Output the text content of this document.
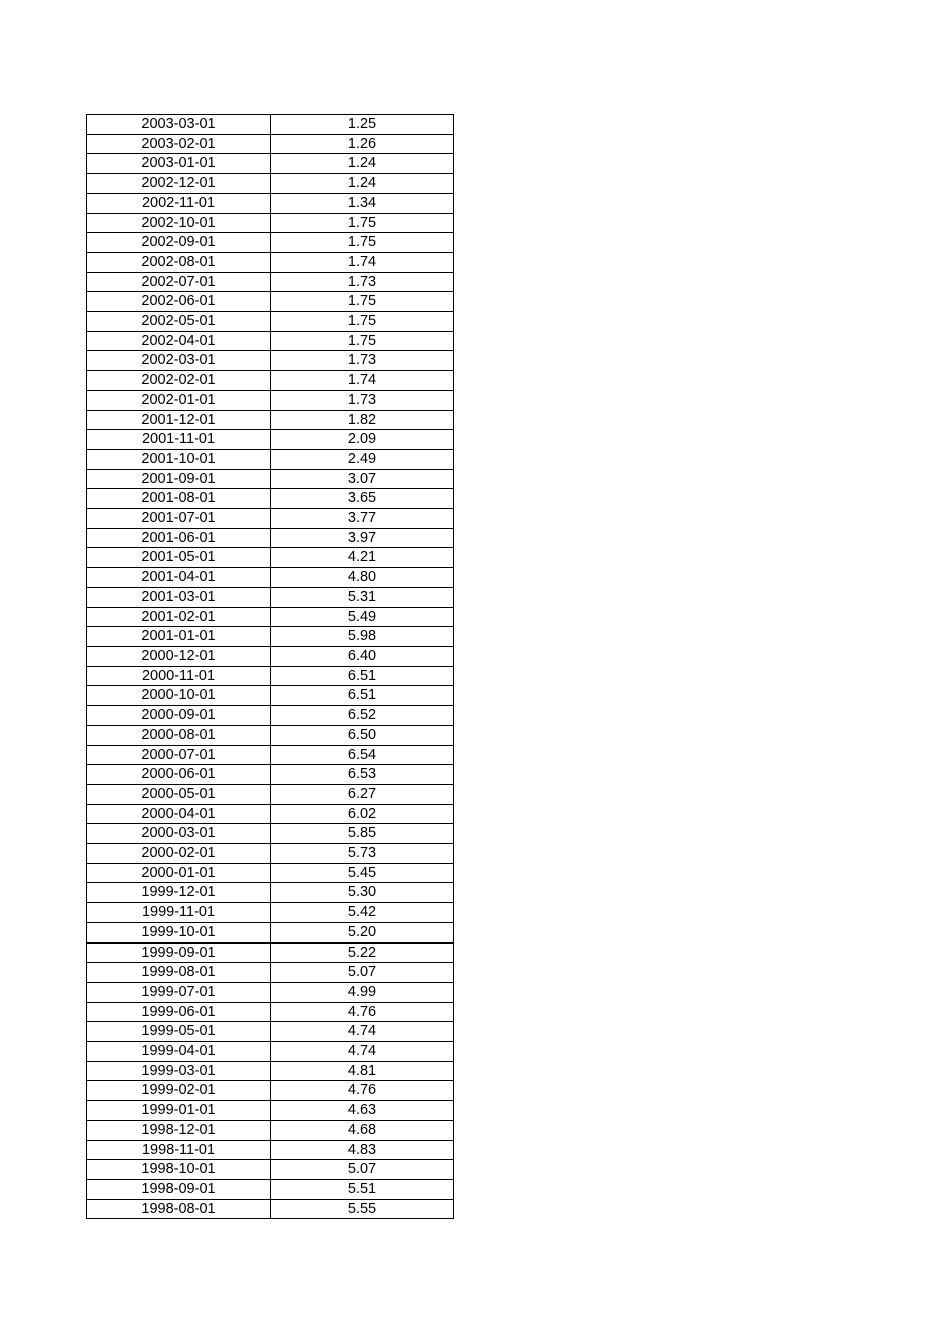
2003-03-01	1.25
2003-02-01	1.26
2003-01-01	1.24
2002-12-01	1.24
2002-11-01	1.34
2002-10-01	1.75
2002-09-01	1.75
2002-08-01	1.74
2002-07-01	1.73
2002-06-01	1.75
2002-05-01	1.75
2002-04-01	1.75
2002-03-01	1.73
2002-02-01	1.74
2002-01-01	1.73
2001-12-01	1.82
2001-11-01	2.09
2001-10-01	2.49
2001-09-01	3.07
2001-08-01	3.65
2001-07-01	3.77
2001-06-01	3.97
2001-05-01	4.21
2001-04-01	4.80
2001-03-01	5.31
2001-02-01	5.49
2001-01-01	5.98
2000-12-01	6.40
2000-11-01	6.51
2000-10-01	6.51
2000-09-01	6.52
2000-08-01	6.50
2000-07-01	6.54
2000-06-01	6.53
2000-05-01	6.27
2000-04-01	6.02
2000-03-01	5.85
2000-02-01	5.73
2000-01-01	5.45
1999-12-01	5.30
1999-11-01	5.42
1999-10-01	5.20
1999-09-01	5.22
1999-08-01	5.07
1999-07-01	4.99
1999-06-01	4.76
1999-05-01	4.74
1999-04-01	4.74
1999-03-01	4.81
1999-02-01	4.76
1999-01-01	4.63
1998-12-01	4.68
1998-11-01	4.83
1998-10-01	5.07
1998-09-01	5.51
1998-08-01	5.55
